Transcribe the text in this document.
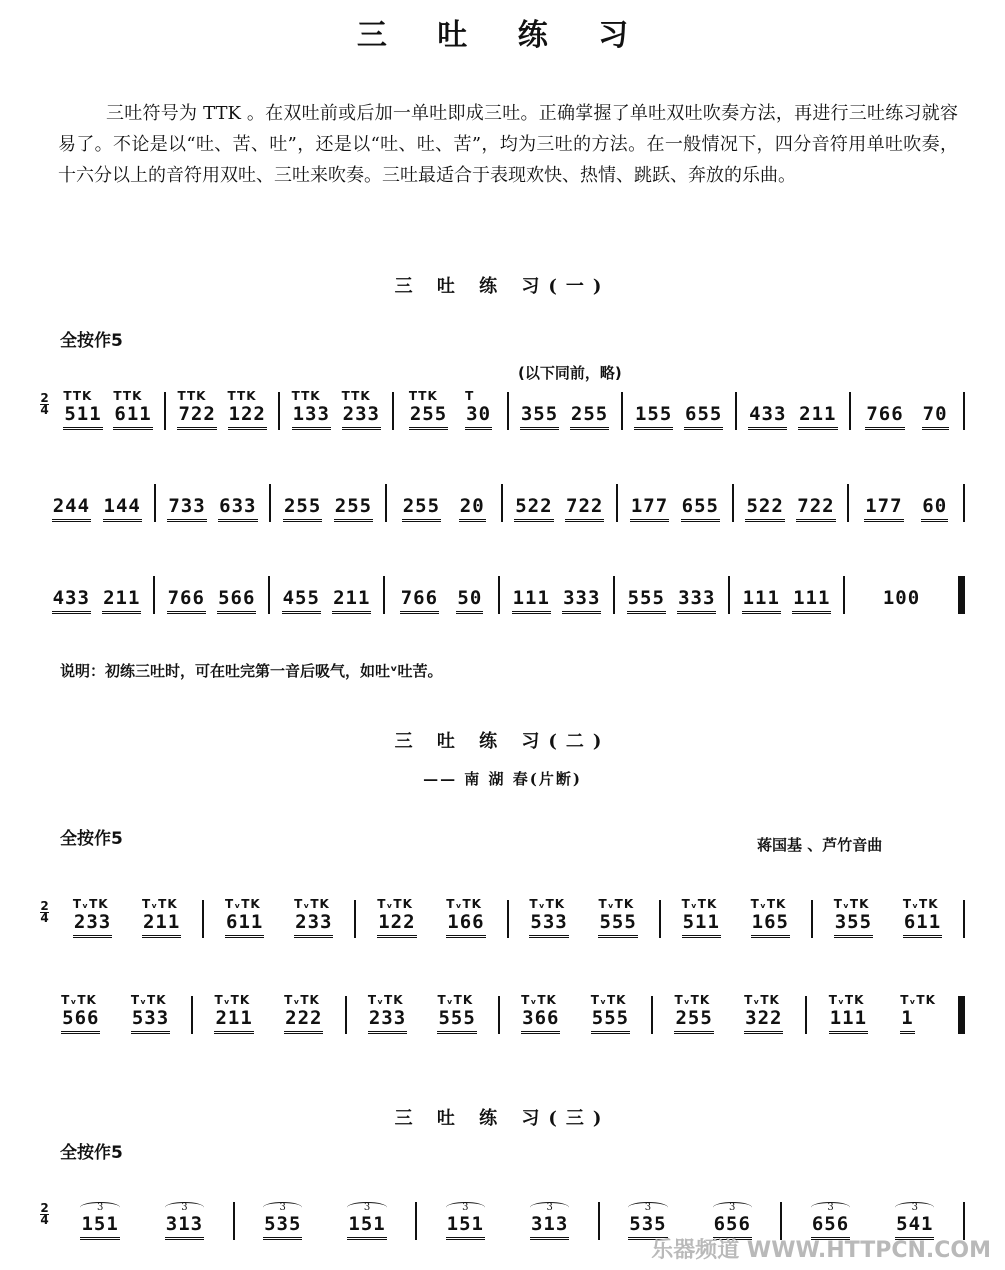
三 吐 练 习
三吐符号为 TTK 。在双吐前或后加一单吐即成三吐。正确掌握了单吐双吐吹奏方法，再进行三吐练习就容易了。不论是以“吐、苦、吐”，还是以“吐、吐、苦”，均为三吐的方法。在一般情况下，四分音符用单吐吹奏，十六分以上的音符用双吐、三吐来吹奏。三吐最适合于表现欢快、热情、跳跃、奔放的乐曲。
三 吐 练 习(一)
全按作5
(以下同前，略)
2
4
TTK
511
TTK
611
TTK
722
TTK
122
TTK
133
TTK
233
TTK
255
T
30 355 255 155 655 433 211 766 70
244 144 733 633 255 255 255 20 522 722 177 655 522 722 177 60
433 211 766 566 455 211 766 50 111 333 555 333 111 111	100
说明：初练三吐时，可在吐完第一音后吸气，如吐ᵛ吐苦。
三 吐 练 习(二)
—— 南 湖 春(片断)
全按作5	蒋国基 、芦竹音曲
2
4
TᵥTK
233
TᵥTK
211
TᵥTK
611
TᵥTK
233
TᵥTK
122
TᵥTK
166
TᵥTK
533
TᵥTK
555
TᵥTK
511
TᵥTK
165
TᵥTK
355
TᵥTK
611
TᵥTK
566
TᵥTK
533
TᵥTK
211
TᵥTK
222
TᵥTK
233
TᵥTK
555
TᵥTK
366
TᵥTK
555
TᵥTK
255
TᵥTK
322
TᵥTK
111
TᵥTK
1
三 吐 练 习(三)
全按作5
2
4
3
151
3
313
3
535
3
151
3
151
3
313
3
535
3
656
3
656
3
541
乐器频道 WWW.HTTPCN.COM
